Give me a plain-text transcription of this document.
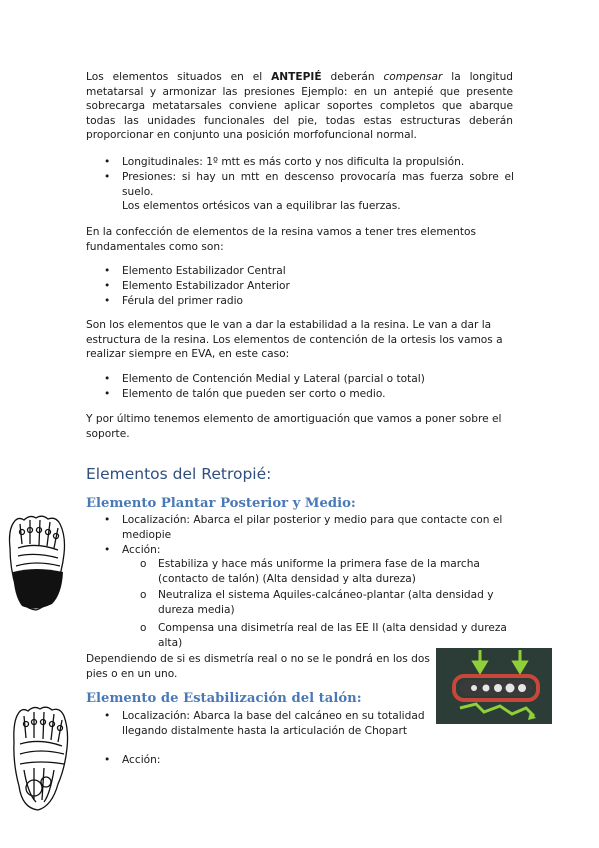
Los elementos situados en el ANTEPIÉ deberán compensar la longitud metatarsal y armonizar las presiones Ejemplo: en un antepié que presente sobrecarga metatarsales conviene aplicar soportes completos que abarque todas las unidades funcionales del pie, todas estas estructuras deberán proporcionar en conjunto una posición morfofuncional normal.

• Longitudinales: 1º mtt es más corto y nos dificulta la propulsión.
• Presiones: si hay un mtt en descenso provocaría mas fuerza sobre el suelo.
Los elementos ortésicos van a equilibrar las fuerzas.

En la confección de elementos de la resina vamos a tener tres elementos fundamentales como son:

• Elemento Estabilizador Central
• Elemento Estabilizador Anterior
• Férula del primer radio

Son los elementos que le van a dar la estabilidad a la resina. Le van a dar la estructura de la resina. Los elementos de contención de la ortesis los vamos a realizar siempre en EVA, en este caso:

• Elemento de Contención Medial y Lateral (parcial o total)
• Elemento de talón que pueden ser corto o medio.

Y por último tenemos elemento de amortiguación que vamos a poner sobre el soporte.

Elementos del Retropié:
Elemento Plantar Posterior y Medio:
• Localización: Abarca el pilar posterior y medio para que contacte con el mediopie
• Acción:
o Estabiliza y hace más uniforme la primera fase de la marcha (contacto de talón) (Alta densidad y alta dureza)
o Neutraliza el sistema Aquiles-calcáneo-plantar (alta densidad y dureza media)
o Compensa una disimetría real de las EE II (alta densidad y dureza alta)

Dependiendo de si es dismetría real o no se le pondrá en los dos pies o en un uno.

Elemento de Estabilización del talón:
• Localización: Abarca la base del calcáneo en su totalidad llegando distalmente hasta la articulación de Chopart
• Acción:
